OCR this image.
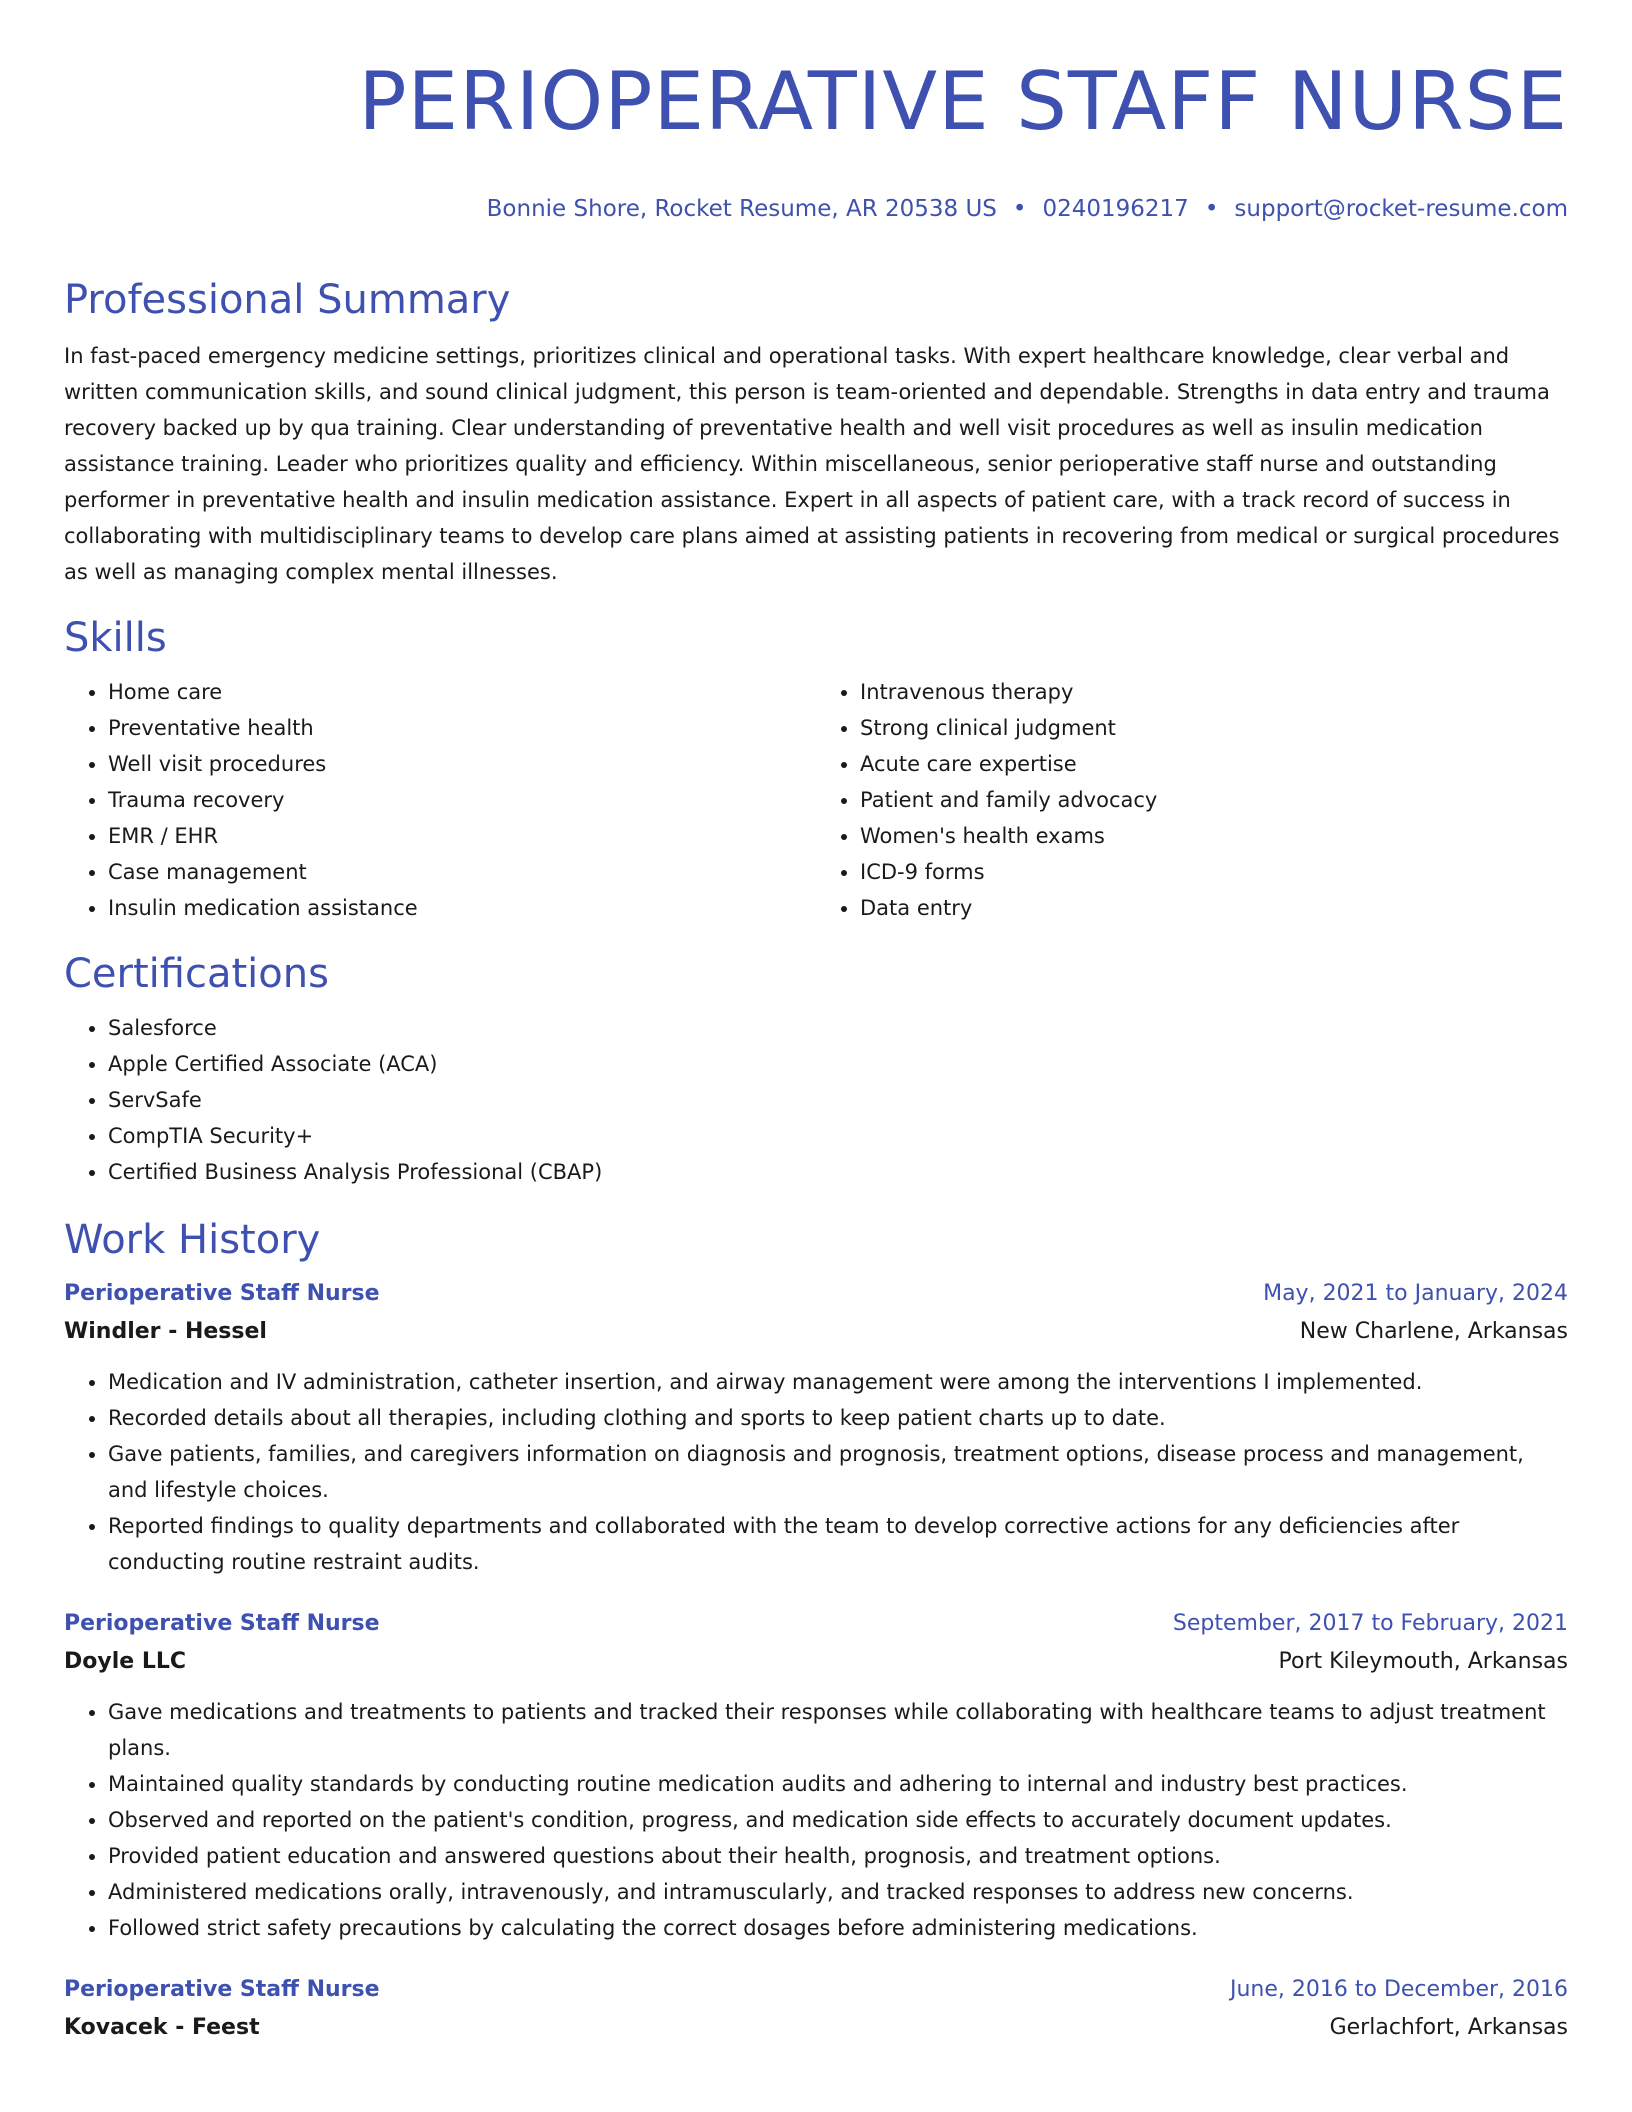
PERIOPERATIVE STAFF NURSE
Bonnie Shore, Rocket Resume, AR 20538 US • 0240196217 • support@rocket-resume.com
Professional Summary

In fast-paced emergency medicine settings, prioritizes clinical and operational tasks. With expert healthcare knowledge, clear verbal and written communication skills, and sound clinical judgment, this person is team-oriented and dependable. Strengths in data entry and trauma recovery backed up by qua training. Clear understanding of preventative health and well visit procedures as well as insulin medication assistance training. Leader who prioritizes quality and efficiency. Within miscellaneous, senior perioperative staff nurse and outstanding performer in preventative health and insulin medication assistance. Expert in all aspects of patient care, with a track record of success in collaborating with multidisciplinary teams to develop care plans aimed at assisting patients in recovering from medical or surgical procedures as well as managing complex mental illnesses.

Skills
• Home care
• Preventative health
• Well visit procedures
• Trauma recovery
• EMR / EHR
• Case management
• Insulin medication assistance
• Intravenous therapy
• Strong clinical judgment
• Acute care expertise
• Patient and family advocacy
• Women's health exams
• ICD-9 forms
• Data entry
Certifications
• Salesforce
• Apple Certified Associate (ACA)
• ServSafe
• CompTIA Security+
• Certified Business Analysis Professional (CBAP)
Work History
Perioperative Staff Nurse	May, 2021 to January, 2024
Windler - Hessel	New Charlene, Arkansas
• Medication and IV administration, catheter insertion, and airway management were among the interventions I implemented.
• Recorded details about all therapies, including clothing and sports to keep patient charts up to date.
• Gave patients, families, and caregivers information on diagnosis and prognosis, treatment options, disease process and management, and lifestyle choices.
• Reported findings to quality departments and collaborated with the team to develop corrective actions for any deficiencies after conducting routine restraint audits.
Perioperative Staff Nurse	September, 2017 to February, 2021
Doyle LLC	Port Kileymouth, Arkansas
• Gave medications and treatments to patients and tracked their responses while collaborating with healthcare teams to adjust treatment plans.
• Maintained quality standards by conducting routine medication audits and adhering to internal and industry best practices.
• Observed and reported on the patient's condition, progress, and medication side effects to accurately document updates.
• Provided patient education and answered questions about their health, prognosis, and treatment options.
• Administered medications orally, intravenously, and intramuscularly, and tracked responses to address new concerns.
• Followed strict safety precautions by calculating the correct dosages before administering medications.
Perioperative Staff Nurse	June, 2016 to December, 2016
Kovacek - Feest	Gerlachfort, Arkansas
